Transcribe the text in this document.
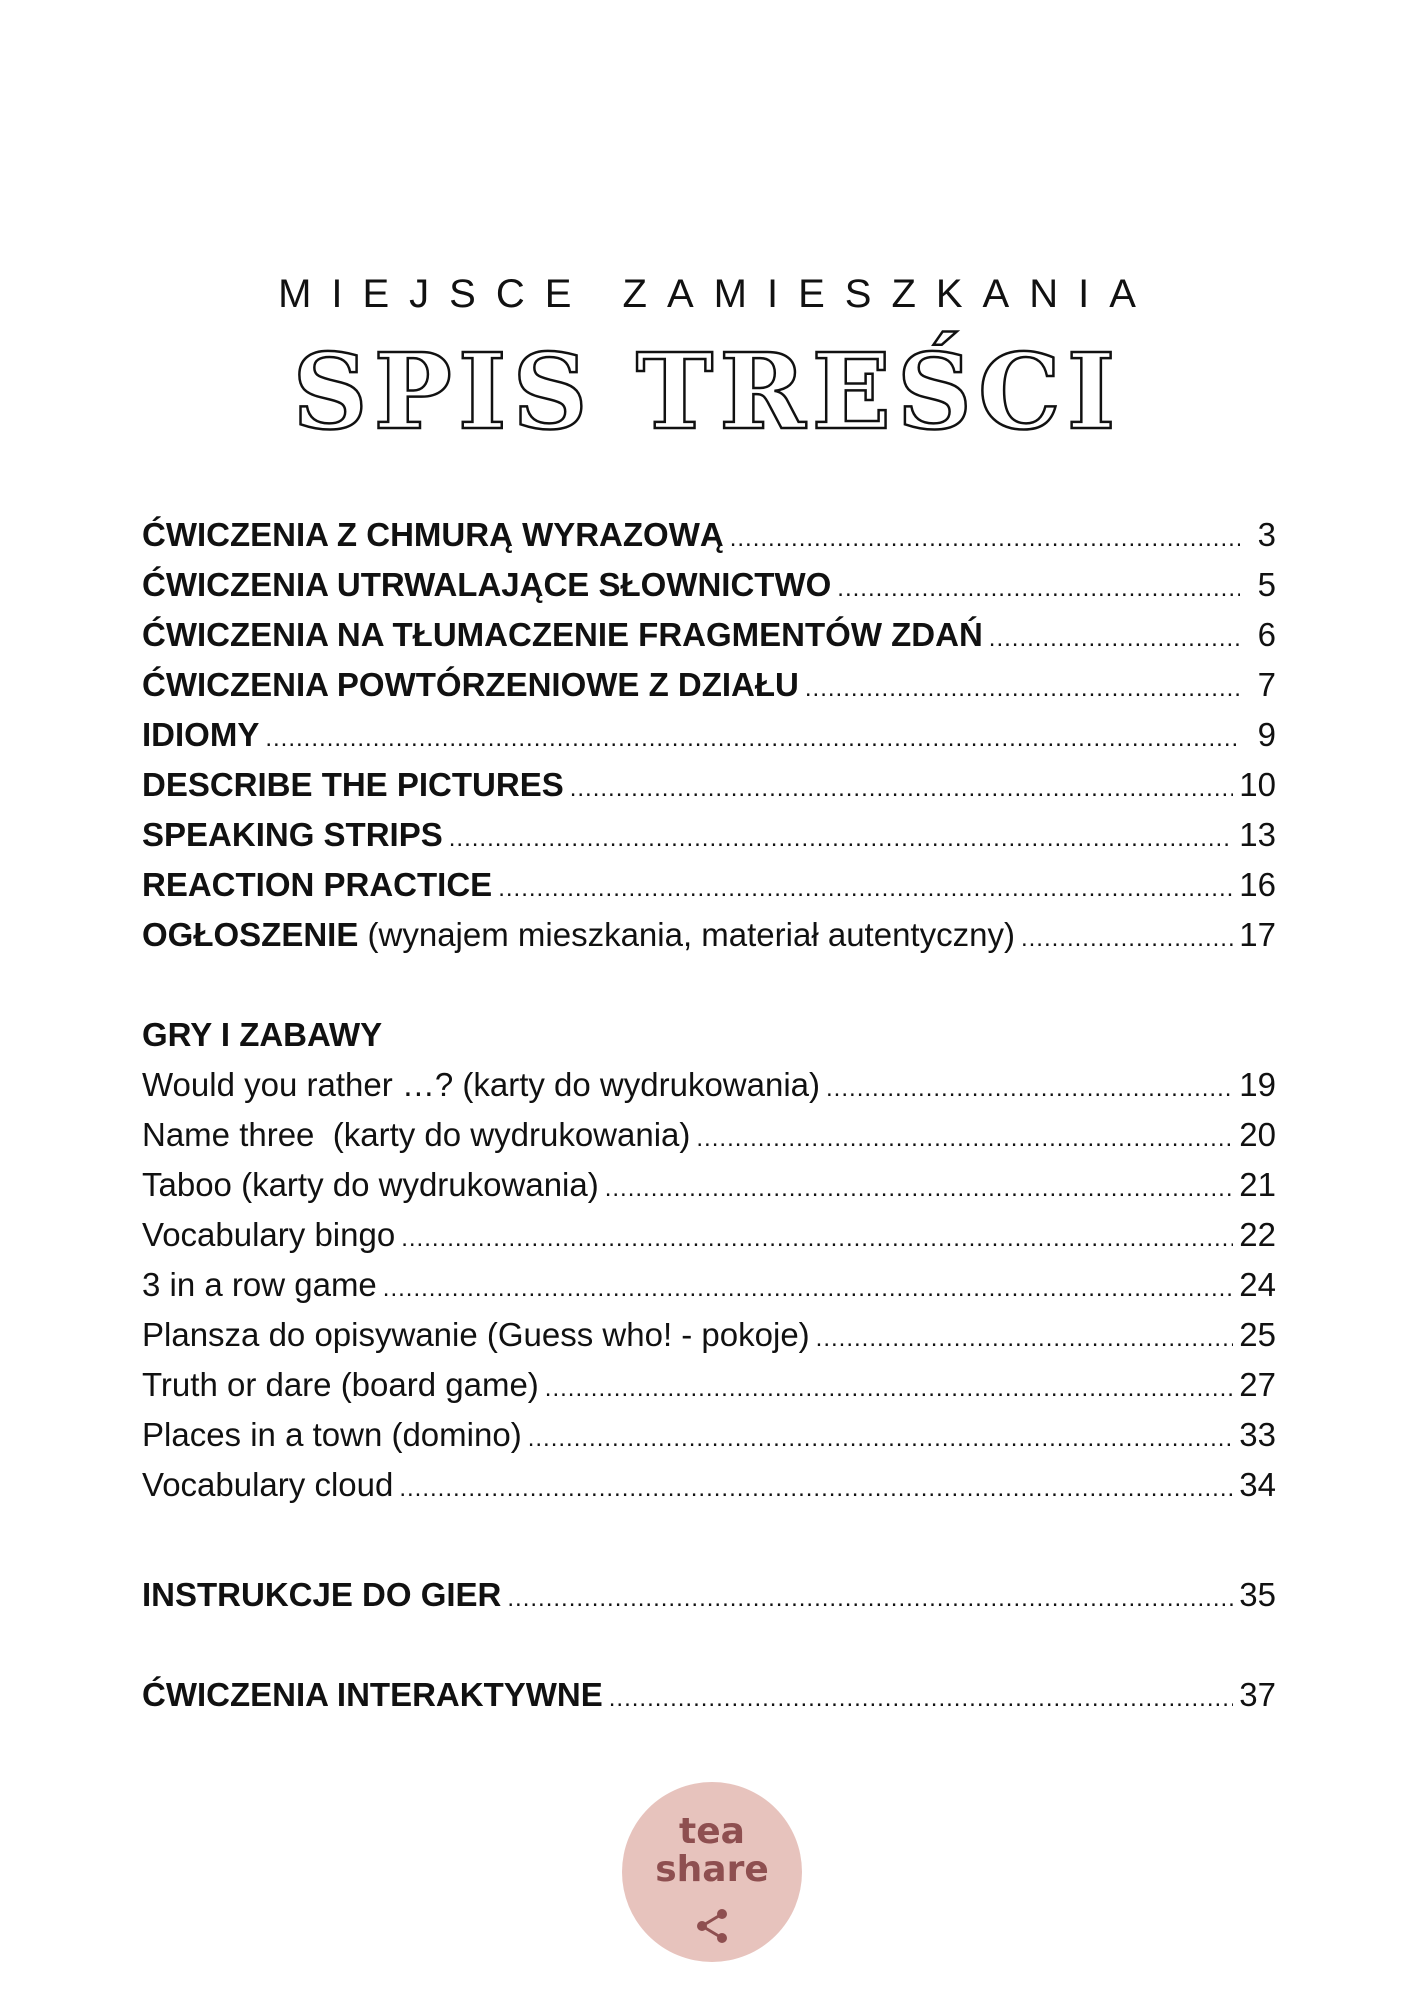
MIEJSCE ZAMIESZKANIA
SPIS TREŚCI
ĆWICZENIA Z CHMURĄ WYRAZOWĄ .....	3
ĆWICZENIA UTRWALAJĄCE SŁOWNICTWO .....	5
ĆWICZENIA NA TŁUMACZENIE FRAGMENTÓW ZDAŃ .....	6
ĆWICZENIA POWTÓRZENIOWE Z DZIAŁU .....	7
IDIOMY .....	9
DESCRIBE THE PICTURES .....	10
SPEAKING STRIPS .....	13
REACTION PRACTICE .....	16
OGŁOSZENIE (wynajem mieszkania, materiał autentyczny) .....	17
GRY I ZABAWY
Would you rather …? (karty do wydrukowania) .....	19
Name three  (karty do wydrukowania) .....	20
Taboo (karty do wydrukowania) .....	21
Vocabulary bingo .....	22
3 in a row game .....	24
Plansza do opisywanie (Guess who! - pokoje) .....	25
Truth or dare (board game) .....	27
Places in a town (domino) .....	33
Vocabulary cloud .....	34
INSTRUKCJE DO GIER .....	35
ĆWICZENIA INTERAKTYWNE .....	37
tea
share
